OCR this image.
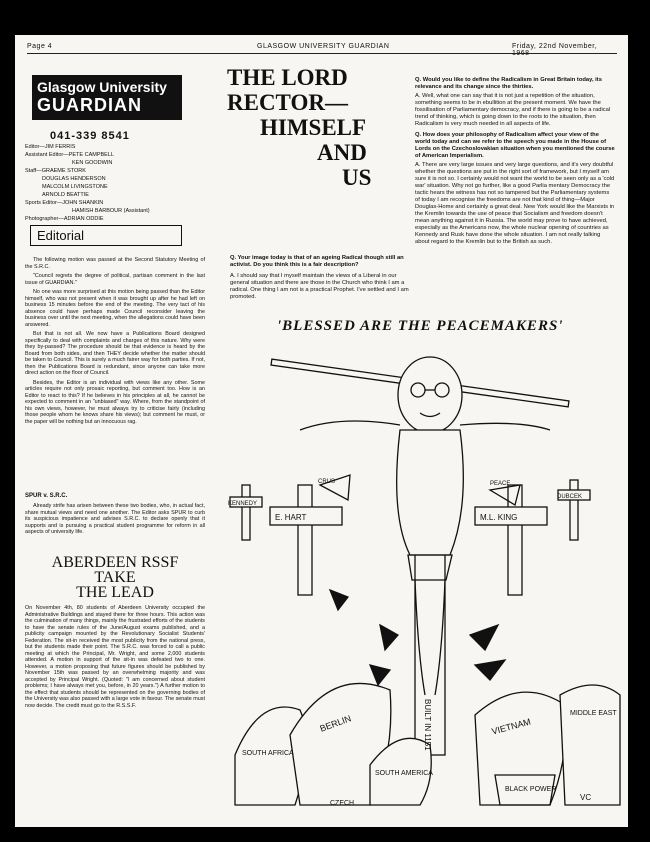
Page 4	GLASGOW UNIVERSITY GUARDIAN	Friday, 22nd November, 1968
Glasgow University
GUARDIAN
041-339 8541
Editor—JIM FERRIS
Assistant Editor—PETE CAMPBELL
KEN GOODWIN
Staff—GRAEME STORK
DOUGLAS HENDERSON
MALCOLM LIVINGSTONE
ARNOLD BEATTIE
Sports Editor—JOHN SHANKIN
HAMISH BARBOUR (Assistant)
Photographer—ADRIAN ODDIE
Editorial

The following motion was passed at the Second Statutory Meeting of the S.R.C.

"Council regrets the degree of political, partisan comment in the last issue of GUARDIAN."

No one was more surprised at this motion being passed than the Editor himself, who was not present when it was brought up after he had left on business 15 minutes before the end of the meeting. The very tact of his absence could have perhaps made Council reconsider leaving the business over until the next meeting, when the allegations could have been answered.

But that is not all. We now have a Publications Board designed specifically to deal with complaints and charges of this nature. Why were they by-passed? The procedure should be that evidence is heard by the Board from both sides, and then THEY decide whether the matter should be taken to Council. This is surely a much fairer way for both parties. If not, then the Publications Board is redundant, since anyone can take more direct action on the floor of Council.

Besides, the Editor is an individual with views like any other. Some articles require not only prosaic reporting, but comment too. How is an Editor to react to this? If he believes in his principles at all, he cannot be expected to comment in an "unbiased" way. Where, from the standpoint of his own views, however, he must always try to criticise fairly (including those people whom he knows share his views); but comment he must, or the paper will be nothing but an innocuous rag.

SPUR v. S.R.C.
Already strife has arisen between these two bodies, who, in actual fact, share mutual views and need one another. The Editor asks SPUR to curb its suspicious impatience and advises S.R.C. to declare openly that it supports and is pursuing a practical student programme for reform in all aspects of university life.
ABERDEEN RSSF
TAKE
THE LEAD
On November 4th, 80 students of Aberdeen University occupied the Administrative Buildings and stayed there for three hours. This action was the culmination of many things, mainly the frustrated efforts of the students to have the senate rules of the June/August exams published, and a publicity campaign mounted by the Revolutionary Socialist Students' Federation. The sit-in received the most publicity from the national press, but the students made their point. The S.R.C. was forced to call a public meeting at which the Principal, Mr. Wright, and some 2,000 students attended. A motion in support of the sit-in was defeated two to one. However, a motion proposing that future figures should be published by November 15th was passed by an overwhelming majority and was accepted by Principal Wright. (Quoted: "I am concerned about student problems; I have always met you, before, in 20 years.") A further motion to the effect that students should be represented on the governing bodies of the University was also passed with a large vote in favour. The senate must now decide. The credit must go to the R.S.S.F.
THE LORD
RECTOR—
HIMSELF
AND
US
Q. Your image today is that of an ageing Radical though still an activist. Do you think this is a fair description?
A. I should say that I myself maintain the views of a Liberal in our general situation and there are those in the Church who think I am a radical. One thing I am not is a practical Prophet. I've settled and I am promoted.

Q. Would you like to define the Radicalism in Great Britain today, its relevance and its change since the thirties.

A. Well, what one can say that it is not just a repetition of the situation, something seems to be in ebullition at the present moment. We have the fossilisation of Parliamentary democracy, and if there is going to be a radical trend of thinking, which is going down to the roots to the situation, then Radicalism is very much needed in all aspects of life.

Q. How does your philosophy of Radicalism affect your view of the world today and can we refer to the speech you made in the House of Lords on the Czechoslovakian situation when you mentioned the course of American Imperialism.

A. There are very large issues and very large questions, and it's very doubtful whether the questions are put in the right sort of framework, but I myself am sure it is not so. I certainly would not want the world to be seen only as a 'cold war' situation. Why not go further, like a good Parlia mentary Democracy the tactic hears the witness has not so tampered but the Parliamentary systems of today I am recognise the freedoms are not that kind of thing—Major Douglas-Home and certainly a great deal. New York would like the Marxists in the Kremlin towards the use of peace that Socialism and freedom doesn't mean anything against it in Russia. The world may prove to have achieved, especially as the Americans now, the whole nuclear opening of countries as Kennedy and Rusk have done the whole situation. I am not really talking about regard to the Kremlin but to the British as such.

'BLESSED ARE THE PEACEMAKERS'
E. HART	M.L. KING
KENNEDY
DUBCEK
CRUS	PEACE
BUILT IN 1151	VIETNAM
BERLIN
SOUTH AFRICA
SOUTH AMERICA
CZECH
MIDDLE EAST
BLACK POWER
VC
